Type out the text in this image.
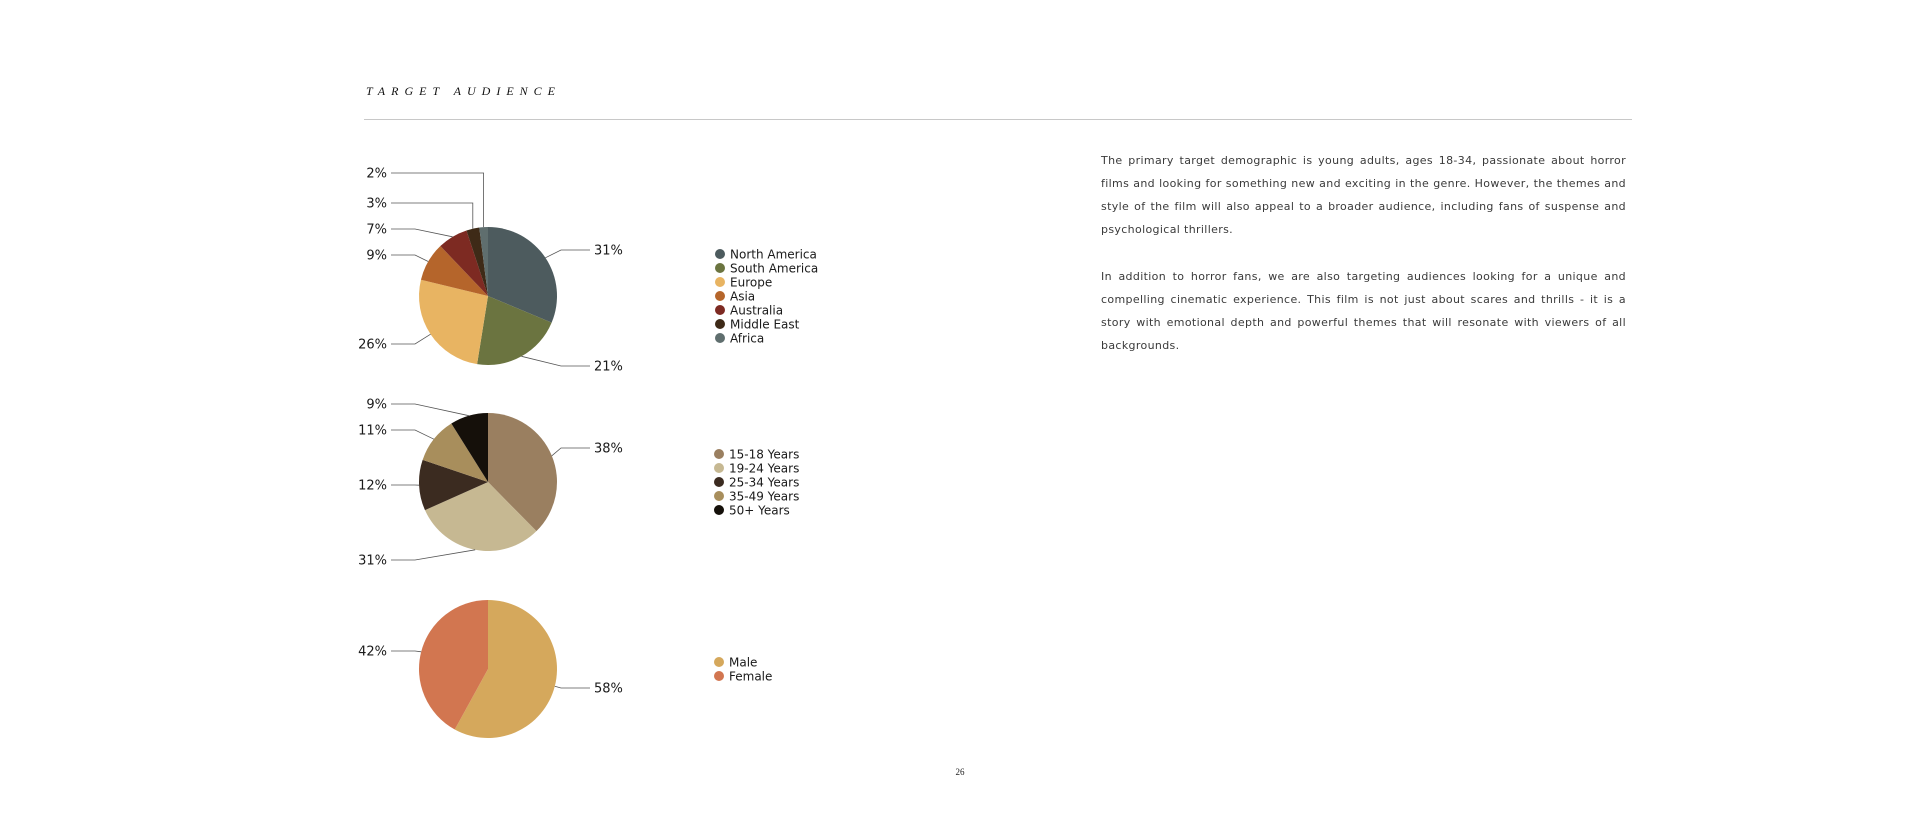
TARGET AUDIENCE
31%
21%
26%
9%
7%
3%
2%
North America
South America
Europe
Asia
Australia
Middle East
Africa
38%
31%
12%
11%
9%
15-18 Years
19-24 Years
25-34 Years
35-49 Years
50+ Years
58%
42%
Male
Female

The primary target demographic is young adults, ages 18-34, passionate about horror films and looking for something new and exciting in the genre. However, the themes and style of the film will also appeal to a broader audience, including fans of suspense and psychological thrillers.

In addition to horror fans, we are also targeting audiences looking for a unique and compelling cinematic experience. This film is not just about scares and thrills - it is a story with emotional depth and powerful themes that will resonate with viewers of all backgrounds.

26
